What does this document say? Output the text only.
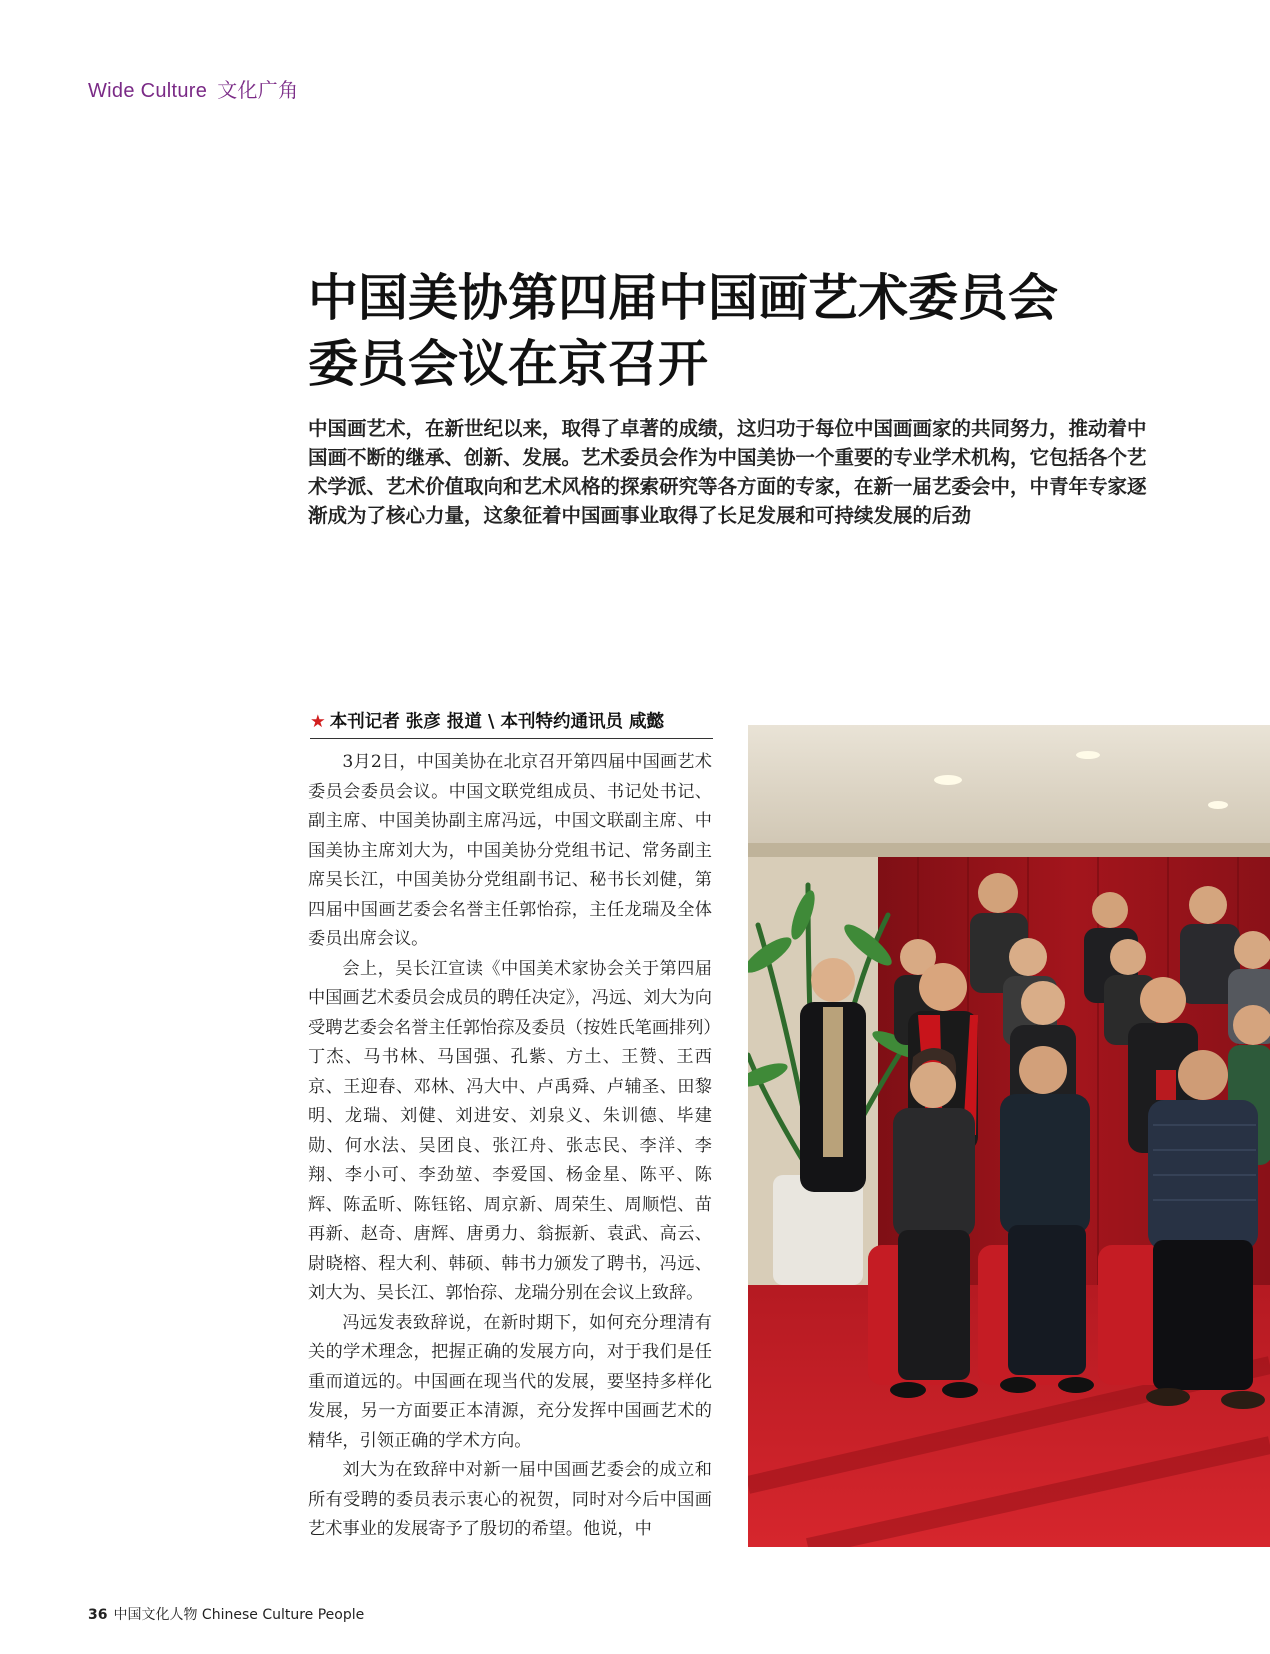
Wide Culture 文化广角
中国美协第四届中国画艺术委员会
委员会议在京召开

中国画艺术，在新世纪以来，取得了卓著的成绩，这归功于每位中国画画家的共同努力，推动着中国画不断的继承、创新、发展。艺术委员会作为中国美协一个重要的专业学术机构，它包括各个艺术学派、艺术价值取向和艺术风格的探索研究等各方面的专家，在新一届艺委会中，中青年专家逐渐成为了核心力量，这象征着中国画事业取得了长足发展和可持续发展的后劲

★ 本刊记者 张彦 报道 \ 本刊特约通讯员 咸懿

3月2日，中国美协在北京召开第四届中国画艺术委员会委员会议。中国文联党组成员、书记处书记、副主席、中国美协副主席冯远，中国文联副主席、中国美协主席刘大为，中国美协分党组书记、常务副主席吴长江，中国美协分党组副书记、秘书长刘健，第四届中国画艺委会名誉主任郭怡孮，主任龙瑞及全体委员出席会议。

会上，吴长江宣读《中国美术家协会关于第四届中国画艺术委员会成员的聘任决定》，冯远、刘大为向受聘艺委会名誉主任郭怡孮及委员（按姓氏笔画排列）丁杰、马书林、马国强、孔紫、方土、王赞、王西京、王迎春、邓林、冯大中、卢禹舜、卢辅圣、田黎明、龙瑞、刘健、刘进安、刘泉义、朱训德、毕建勋、何水法、吴团良、张江舟、张志民、李洋、李翔、李小可、李劲堃、李爱国、杨金星、陈平、陈辉、陈孟昕、陈钰铭、周京新、周荣生、周顺恺、苗再新、赵奇、唐辉、唐勇力、翁振新、袁武、高云、尉晓榕、程大利、韩硕、韩书力颁发了聘书，冯远、刘大为、吴长江、郭怡孮、龙瑞分别在会议上致辞。

冯远发表致辞说，在新时期下，如何充分理清有关的学术理念，把握正确的发展方向，对于我们是任重而道远的。中国画在现当代的发展，要坚持多样化发展，另一方面要正本清源，充分发挥中国画艺术的精华，引领正确的学术方向。

刘大为在致辞中对新一届中国画艺委会的成立和所有受聘的委员表示衷心的祝贺，同时对今后中国画艺术事业的发展寄予了殷切的希望。他说，中

36 中国文化人物 Chinese Culture People
